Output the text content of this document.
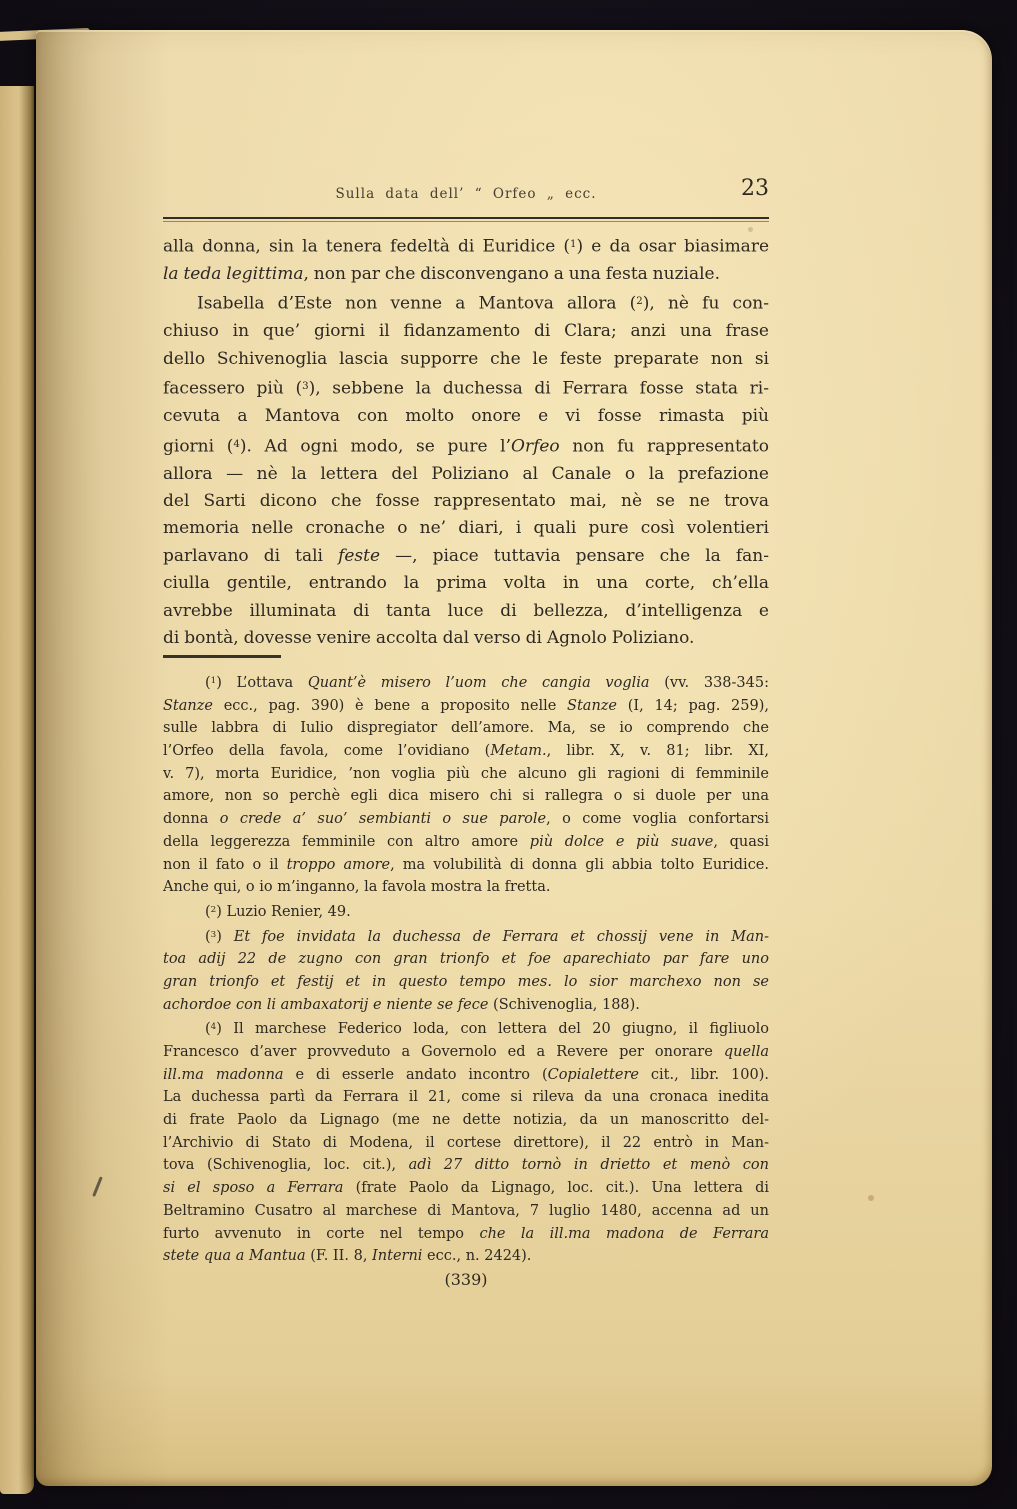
Sulla data dell’ “ Orfeo „ ecc.	23
alla donna, sin la tenera fedeltà di Euridice ($^1$) e da osar biasimare
la teda legittima, non par che disconvengano a una festa nuziale.
Isabella d’Este non venne a Mantova allora ($^2$), nè fu con-
chiuso in que’ giorni il fidanzamento di Clara; anzi una frase
dello Schivenoglia lascia supporre che le feste preparate non si
facessero più ($^3$), sebbene la duchessa di Ferrara fosse stata ri-
cevuta a Mantova con molto onore e vi fosse rimasta più
giorni ($^4$). Ad ogni modo, se pure l’Orfeo non fu rappresentato
allora — nè la lettera del Poliziano al Canale o la prefazione
del Sarti dicono che fosse rappresentato mai, nè se ne trova
memoria nelle cronache o ne’ diari, i quali pure così volentieri
parlavano di tali feste —, piace tuttavia pensare che la fan-
ciulla gentile, entrando la prima volta in una corte, ch’ella
avrebbe illuminata di tanta luce di bellezza, d’intelligenza e
di bontà, dovesse venire accolta dal verso di Agnolo Poliziano.
($^1$) L’ottava Quant’è misero l’uom che cangia voglia (vv. 338-345:
Stanze ecc., pag. 390) è bene a proposito nelle Stanze (I, 14; pag. 259),
sulle labbra di Iulio dispregiator dell’amore. Ma, se io comprendo che
l’Orfeo della favola, come l’ovidiano (Metam., libr. X, v. 81; libr. XI,
v. 7), morta Euridice, ’non voglia più che alcuno gli ragioni di femminile
amore, non so perchè egli dica misero chi si rallegra o si duole per una
donna o crede a’ suo’ sembianti o sue parole, o come voglia confortarsi
della leggerezza femminile con altro amore più dolce e più suave, quasi
non il fato o il troppo amore, ma volubilità di donna gli abbia tolto Euridice.
Anche qui, o io m’inganno, la favola mostra la fretta.
($^2$) Luzio Renier, 49.
($^3$) Et foe invidata la duchessa de Ferrara et chossij vene in Man-
toa adij 22 de zugno con gran trionfo et foe aparechiato par fare uno
gran trionfo et festij et in questo tempo mes. lo sior marchexo non se
achordoe con li ambaxatorij e niente se fece (Schivenoglia, 188).
($^4$) Il marchese Federico loda, con lettera del 20 giugno, il figliuolo
Francesco d’aver provveduto a Governolo ed a Revere per onorare quella
ill.ma madonna e di esserle andato incontro (Copialettere cit., libr. 100).
La duchessa partì da Ferrara il 21, come si rileva da una cronaca inedita
di frate Paolo da Lignago (me ne dette notizia, da un manoscritto del-
l’Archivio di Stato di Modena, il cortese direttore), il 22 entrò in Man-
tova (Schivenoglia, loc. cit.), adì 27 ditto tornò in drietto et menò con
si el sposo a Ferrara (frate Paolo da Lignago, loc. cit.). Una lettera di
Beltramino Cusatro al marchese di Mantova, 7 luglio 1480, accenna ad un
furto avvenuto in corte nel tempo che la ill.ma madona de Ferrara
stete qua a Mantua (F. II. 8, Interni ecc., n. 2424).
(339)
